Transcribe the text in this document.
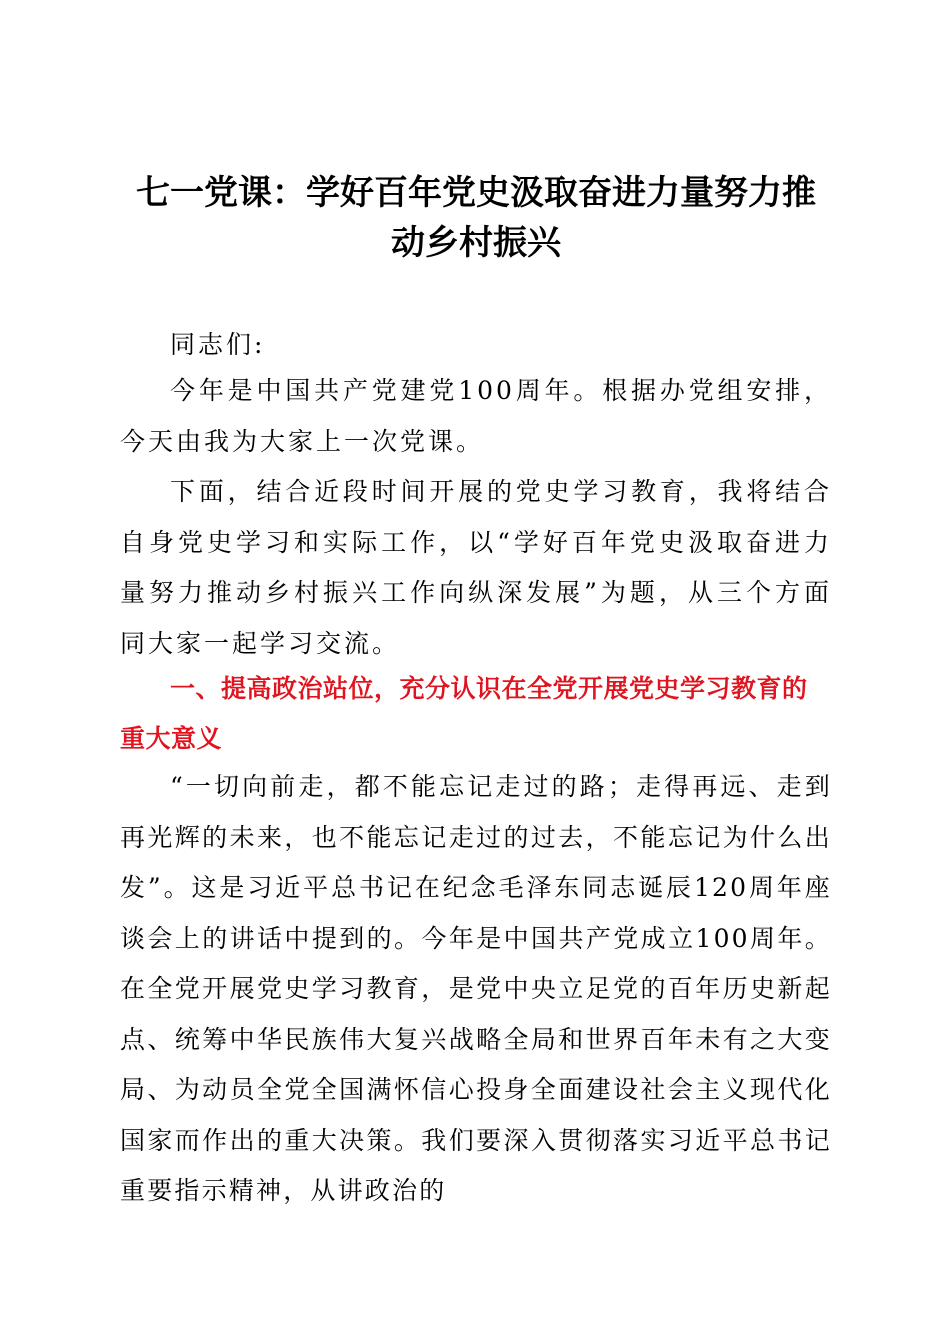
七一党课：学好百年党史汲取奋进力量努力推动乡村振兴

同志们:

今年是中国共产党建党100周年。根据办党组安排，今天由我为大家上一次党课。

下面，结合近段时间开展的党史学习教育，我将结合自身党史学习和实际工作，以“学好百年党史汲取奋进力量努力推动乡村振兴工作向纵深发展”为题，从三个方面同大家一起学习交流。

一、提高政治站位，充分认识在全党开展党史学习教育的重大意义

“一切向前走，都不能忘记走过的路；走得再远、走到再光辉的未来，也不能忘记走过的过去，不能忘记为什么出发”。这是习近平总书记在纪念毛泽东同志诞辰120周年座谈会上的讲话中提到的。今年是中国共产党成立100周年。在全党开展党史学习教育，是党中央立足党的百年历史新起点、统筹中华民族伟大复兴战略全局和世界百年未有之大变局、为动员全党全国满怀信心投身全面建设社会主义现代化国家而作出的重大决策。我们要深入贯彻落实习近平总书记重要指示精神，从讲政治的
